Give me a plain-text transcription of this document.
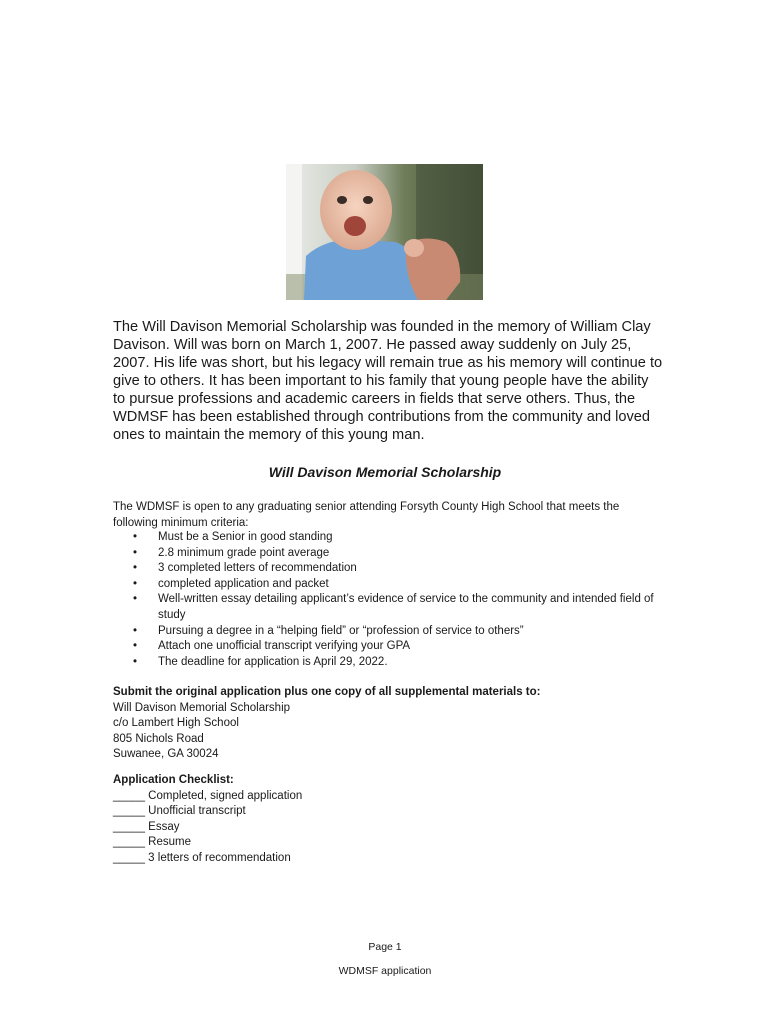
The Will Davison Memorial Scholarship was founded in the memory of William Clay Davison. Will was born on March 1, 2007. He passed away suddenly on July 25, 2007. His life was short, but his legacy will remain true as his memory will continue to give to others. It has been important to his family that young people have the ability to pursue professions and academic careers in fields that serve others. Thus, the WDMSF has been established through contributions from the community and loved ones to maintain the memory of this young man.

Will Davison Memorial Scholarship

The WDMSF is open to any graduating senior attending Forsyth County High School that meets the following minimum criteria:

• Must be a Senior in good standing
• 2.8 minimum grade point average
• 3 completed letters of recommendation
• completed application and packet
• Well-written essay detailing applicant’s evidence of service to the community and intended field of study
• Pursuing a degree in a “helping field” or “profession of service to others”
• Attach one unofficial transcript verifying your GPA
• The deadline for application is April 29, 2022.
Submit the original application plus one copy of all supplemental materials to:
Will Davison Memorial Scholarship
c/o Lambert High School
805 Nichols Road
Suwanee, GA 30024
Application Checklist:
_____ Completed, signed application
_____ Unofficial transcript
_____ Essay
_____ Resume
_____ 3 letters of recommendation

Page 1

WDMSF application
